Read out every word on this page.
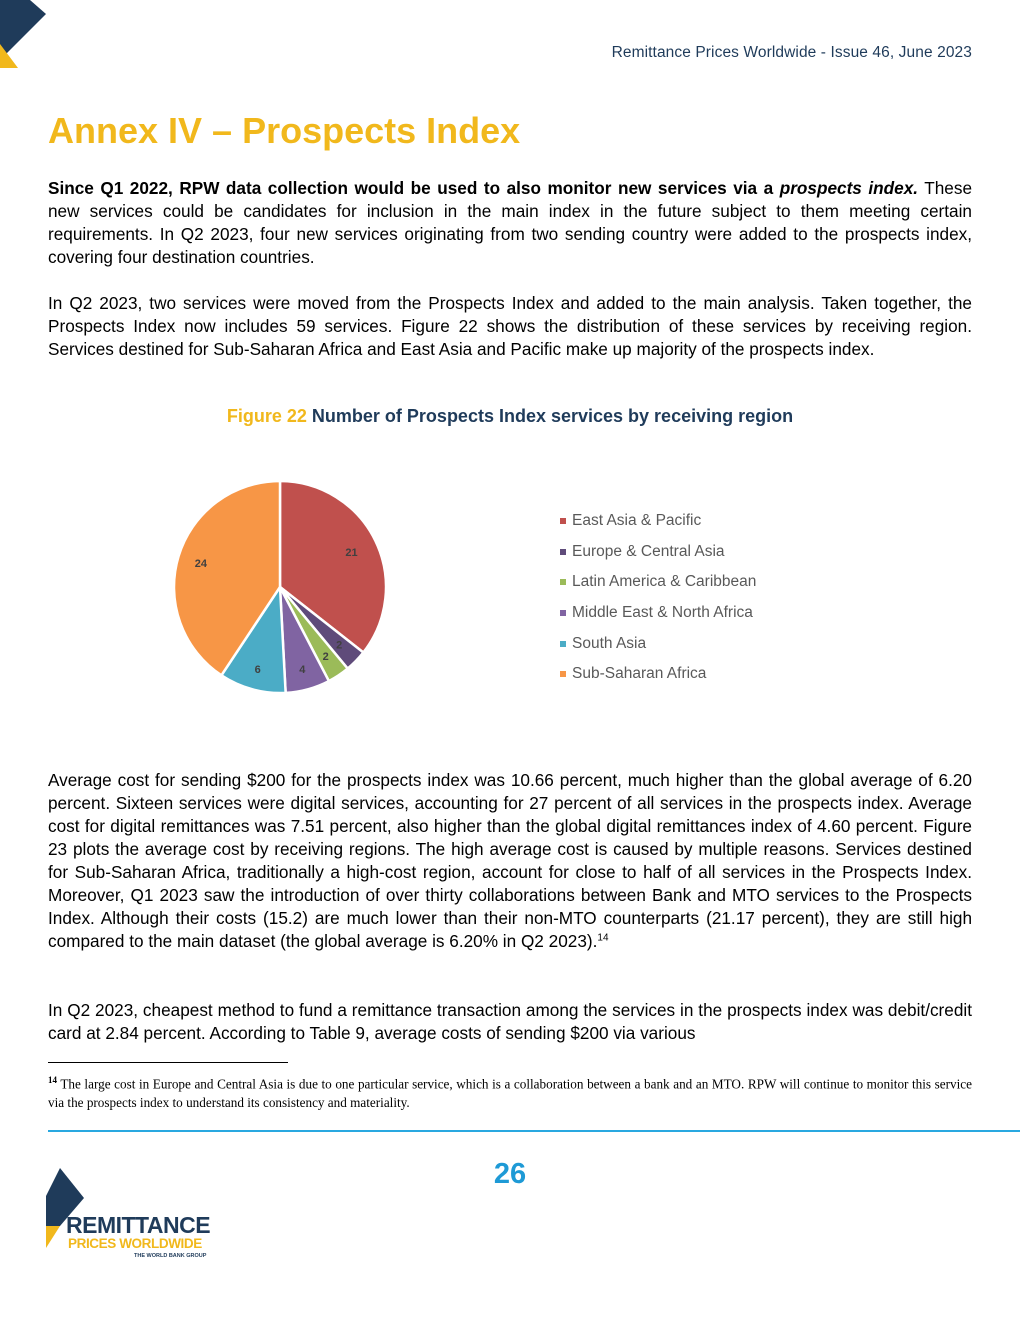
Remittance Prices Worldwide - Issue 46, June 2023
Annex IV – Prospects Index

Since Q1 2022, RPW data collection would be used to also monitor new services via a prospects index. These new services could be candidates for inclusion in the main index in the future subject to them meeting certain requirements. In Q2 2023, four new services originating from two sending country were added to the prospects index, covering four destination countries.

In Q2 2023, two services were moved from the Prospects Index and added to the main analysis. Taken together, the Prospects Index now includes 59 services. Figure 22 shows the distribution of these services by receiving region. Services destined for Sub-Saharan Africa and East Asia and Pacific make up majority of the prospects index.

Figure 22 Number of Prospects Index services by receiving region
21
2
2
4
6
24
East Asia & Pacific
Europe & Central Asia
Latin America & Caribbean
Middle East & North Africa
South Asia
Sub-Saharan Africa

Average cost for sending $200 for the prospects index was 10.66 percent, much higher than the global average of 6.20 percent. Sixteen services were digital services, accounting for 27 percent of all services in the prospects index. Average cost for digital remittances was 7.51 percent, also higher than the global digital remittances index of 4.60 percent. Figure 23 plots the average cost by receiving regions. The high average cost is caused by multiple reasons. Services destined for Sub-Saharan Africa, traditionally a high-cost region, account for close to half of all services in the Prospects Index. Moreover, Q1 2023 saw the introduction of over thirty collaborations between Bank and MTO services to the Prospects Index. Although their costs (15.2) are much lower than their non-MTO counterparts (21.17 percent), they are still high compared to the main dataset (the global average is 6.20% in Q2 2023).$^{14}$

In Q2 2023, cheapest method to fund a remittance transaction among the services in the prospects index was debit/credit card at 2.84 percent. According to Table 9, average costs of sending $200 via various

$^{14}$ The large cost in Europe and Central Asia is due to one particular service, which is a collaboration between a bank and an MTO. RPW will continue to monitor this service via the prospects index to understand its consistency and materiality.

26
REMITTANCE
PRICES WORLDWIDE
THE WORLD BANK GROUP
